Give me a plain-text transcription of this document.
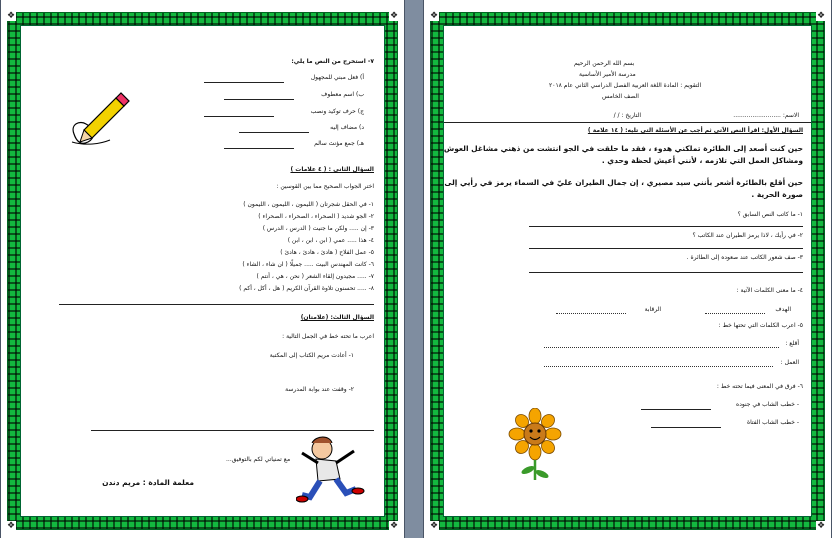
❖	❖
❖	❖
٧- استخرج من النص ما يلي:
أ) فعل مبني للمجهول
ب) اسم معطوف
ج) حرف توكيد ونصب
د) مضاف إليه
هـ) جمع مؤنث سالم
السؤال الثاني : ( ٤ علامات )
اختر الجواب الصحيح مما بين القوسين :
١- في الحقل شجرتان ( الليمون ، الليمون ، الليمون )
٢- الجو شديد ( الصحراء ، الصحراء ، الصحراء )
٣- إن ..... ولكن ما جنيت ( الدرس ، الدرس )
٤- هذا ..... عمي ( ابن ، ابن ، ابن )
٥- عمل الفلاح ( هادئ ، هادئ ، هادئ )
٦- كانت المهندس البيت ..... جميلًا ( ان شاء ، الشاء )
٧- ..... مجيدون إلقاء الشعر ( نحن ، هي ، أنتم )
٨- ..... تحسنون تلاوة القرآن الكريم ( هل ، أكل ، أكم )
السؤال الثالث: (علامتان)
اعرب ما تحته خط في الجمل التالية :
١- أعادت مريم الكتاب إلى المكتبة
٢- وقفت عند بوابة المدرسة
مع تمنياتي لكم بالتوفيق...
معلمة المادة : مريم دندن
❖	❖
❖	❖
بسم الله الرحمن الرحيم
مدرسة الأمير الأساسية
التقويم : المادة اللغة العربية الفصل الدراسي الثاني عام ٢٠١٨
الصف الخامس
الاسم: .........................
التاريخ : / /
السؤال الأول: اقرأ النص الآتي ثم أجب عن الأسئلة التي تليه: ( ١٤ علامة )
حين كنت أصعد إلى الطائرة تملكني هدوء ، فقد ما حلقت في الجو انتشت من ذهني مشاغل العوش
ومشاكل العمل التي تلازمه ، لأنني أعيش لحظة وحدي .
حين أقلع بالطائرة أشعر بأنني سيد مصيري ، إن جمال الطيران عليّ في السماء يرمز في رأيي إلى
صورة الحرية .
١- ما كاتب النص السابق ؟
٢- في رأيك ، لاذا يرمز الطيران عند الكاتب ؟
٣- صف شعور الكاتب عند صعوده إلى الطائرة .
٤- ما معنى الكلمات الآتية :
الهدف
الرقابة
٥- اعرب الكلمات التي تحتها خط :
أقلع :
العمل :
٦- فرق في المعنى فيما تحته خط :
- خطب الشاب في جنوده
- خطب الشاب الفتاة
